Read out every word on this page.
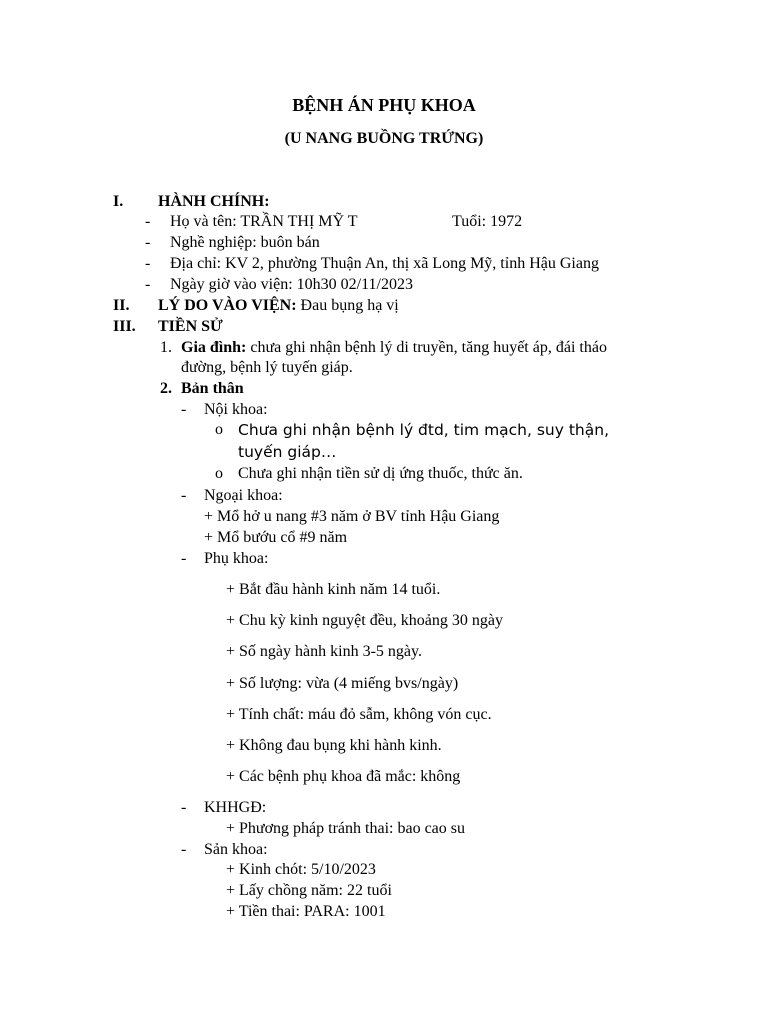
BỆNH ÁN PHỤ KHOA
(U NANG BUỒNG TRỨNG)
I. HÀNH CHÍNH:
- Họ và tên: TRẦN THỊ MỸ T	Tuổi: 1972
- Nghề nghiệp: buôn bán
- Địa chỉ: KV 2, phường Thuận An, thị xã Long Mỹ, tỉnh Hậu Giang
- Ngày giờ vào viện: 10h30 02/11/2023
II. LÝ DO VÀO VIỆN: Đau bụng hạ vị
III. TIỀN SỬ
1. Gia đình: chưa ghi nhận bệnh lý di truyền, tăng huyết áp, đái tháo
đường, bệnh lý tuyến giáp.
2. Bản thân
- Nội khoa:
o Chưa ghi nhận bệnh lý đtd, tim mạch, suy thận,
tuyến giáp…
o Chưa ghi nhận tiền sử dị ứng thuốc, thức ăn.
- Ngoại khoa:
+ Mổ hở u nang #3 năm ở BV tỉnh Hậu Giang
+ Mổ bướu cổ #9 năm
- Phụ khoa:
+ Bắt đầu hành kinh năm 14 tuổi.
+ Chu kỳ kinh nguyệt đều, khoảng 30 ngày
+ Số ngày hành kinh 3-5 ngày.
+ Số lượng: vừa (4 miếng bvs/ngày)
+ Tính chất: máu đỏ sẫm, không vón cục.
+ Không đau bụng khi hành kinh.
+ Các bệnh phụ khoa đã mắc: không
- KHHGĐ:
+ Phương pháp tránh thai: bao cao su
- Sản khoa:
+ Kinh chót: 5/10/2023
+ Lấy chồng năm: 22 tuổi
+ Tiền thai: PARA: 1001
